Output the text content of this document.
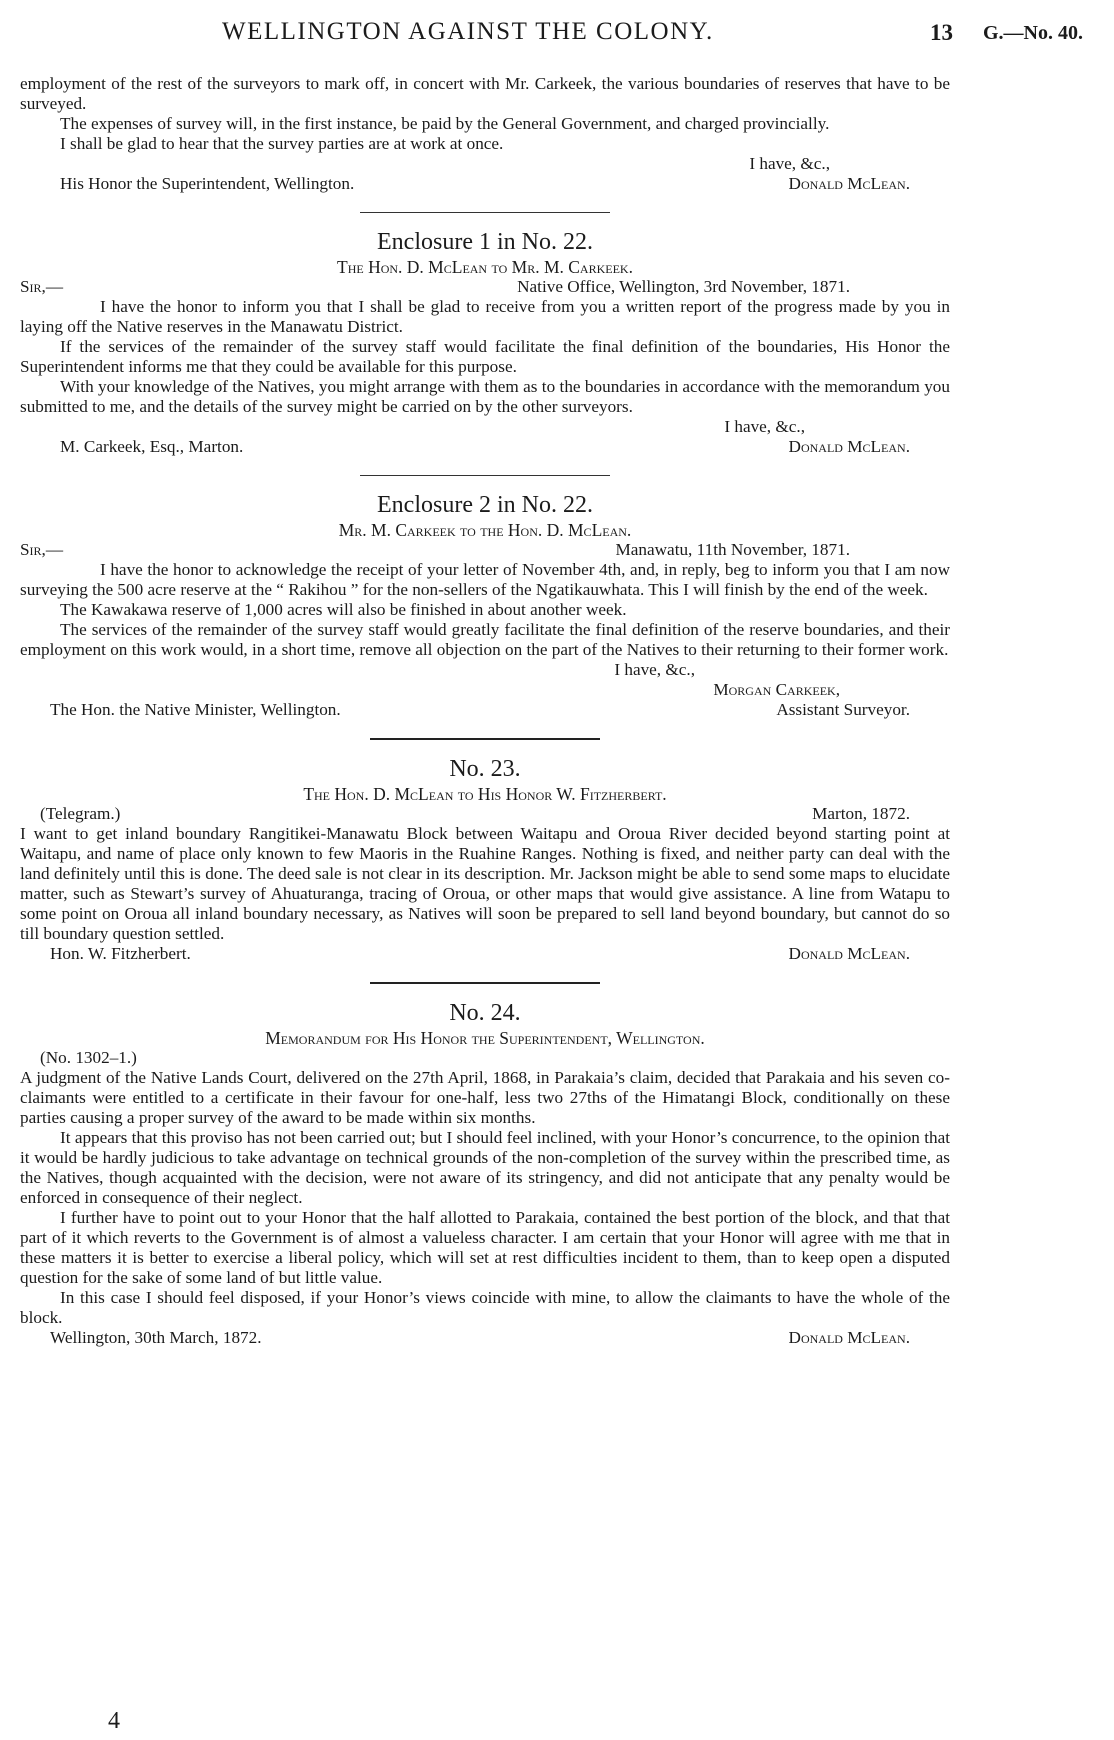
WELLINGTON AGAINST THE COLONY.	13 G.—No. 40.

employment of the rest of the surveyors to mark off, in concert with Mr. Carkeek, the various boundaries of reserves that have to be surveyed.

The expenses of survey will, in the first instance, be paid by the General Government, and charged provincially.

I shall be glad to hear that the survey parties are at work at once.

I have, &c.,
His Honor the Superintendent, Wellington.	Donald McLean.
Enclosure 1 in No. 22.
The Hon. D. McLean to Mr. M. Carkeek.
Sir,—	Native Office, Wellington, 3rd November, 1871.

I have the honor to inform you that I shall be glad to receive from you a written report of the progress made by you in laying off the Native reserves in the Manawatu District.

If the services of the remainder of the survey staff would facilitate the final definition of the boundaries, His Honor the Superintendent informs me that they could be available for this purpose.

With your knowledge of the Natives, you might arrange with them as to the boundaries in accordance with the memorandum you submitted to me, and the details of the survey might be carried on by the other surveyors.

I have, &c.,
M. Carkeek, Esq., Marton.	Donald McLean.
Enclosure 2 in No. 22.
Mr. M. Carkeek to the Hon. D. McLean.
Sir,—	Manawatu, 11th November, 1871.

I have the honor to acknowledge the receipt of your letter of November 4th, and, in reply, beg to inform you that I am now surveying the 500 acre reserve at the “ Rakihou ” for the non-sellers of the Ngatikauwhata. This I will finish by the end of the week.

The Kawakawa reserve of 1,000 acres will also be finished in about another week.

The services of the remainder of the survey staff would greatly facilitate the final definition of the reserve boundaries, and their employment on this work would, in a short time, remove all objection on the part of the Natives to their returning to their former work.

I have, &c.,
Morgan Carkeek,
The Hon. the Native Minister, Wellington.	Assistant Surveyor.
No. 23.
The Hon. D. McLean to His Honor W. Fitzherbert.
(Telegram.)	Marton, 1872.

I want to get inland boundary Rangitikei-Manawatu Block between Waitapu and Oroua River decided beyond starting point at Waitapu, and name of place only known to few Maoris in the Ruahine Ranges. Nothing is fixed, and neither party can deal with the land definitely until this is done. The deed sale is not clear in its description. Mr. Jackson might be able to send some maps to elucidate matter, such as Stewart’s survey of Ahuaturanga, tracing of Oroua, or other maps that would give assistance. A line from Watapu to some point on Oroua all inland boundary necessary, as Natives will soon be prepared to sell land beyond boundary, but cannot do so till boundary question settled.

Hon. W. Fitzherbert.	Donald McLean.
No. 24.
Memorandum for His Honor the Superintendent, Wellington.
(No. 1302–1.)

A judgment of the Native Lands Court, delivered on the 27th April, 1868, in Parakaia’s claim, decided that Parakaia and his seven co-claimants were entitled to a certificate in their favour for one-half, less two 27ths of the Himatangi Block, conditionally on these parties causing a proper survey of the award to be made within six months.

It appears that this proviso has not been carried out; but I should feel inclined, with your Honor’s concurrence, to the opinion that it would be hardly judicious to take advantage on technical grounds of the non-completion of the survey within the prescribed time, as the Natives, though acquainted with the decision, were not aware of its stringency, and did not anticipate that any penalty would be enforced in consequence of their neglect.

I further have to point out to your Honor that the half allotted to Parakaia, contained the best portion of the block, and that that part of it which reverts to the Government is of almost a valueless character. I am certain that your Honor will agree with me that in these matters it is better to exercise a liberal policy, which will set at rest difficulties incident to them, than to keep open a disputed question for the sake of some land of but little value.

In this case I should feel disposed, if your Honor’s views coincide with mine, to allow the claimants to have the whole of the block.

Wellington, 30th March, 1872.	Donald McLean.
4
